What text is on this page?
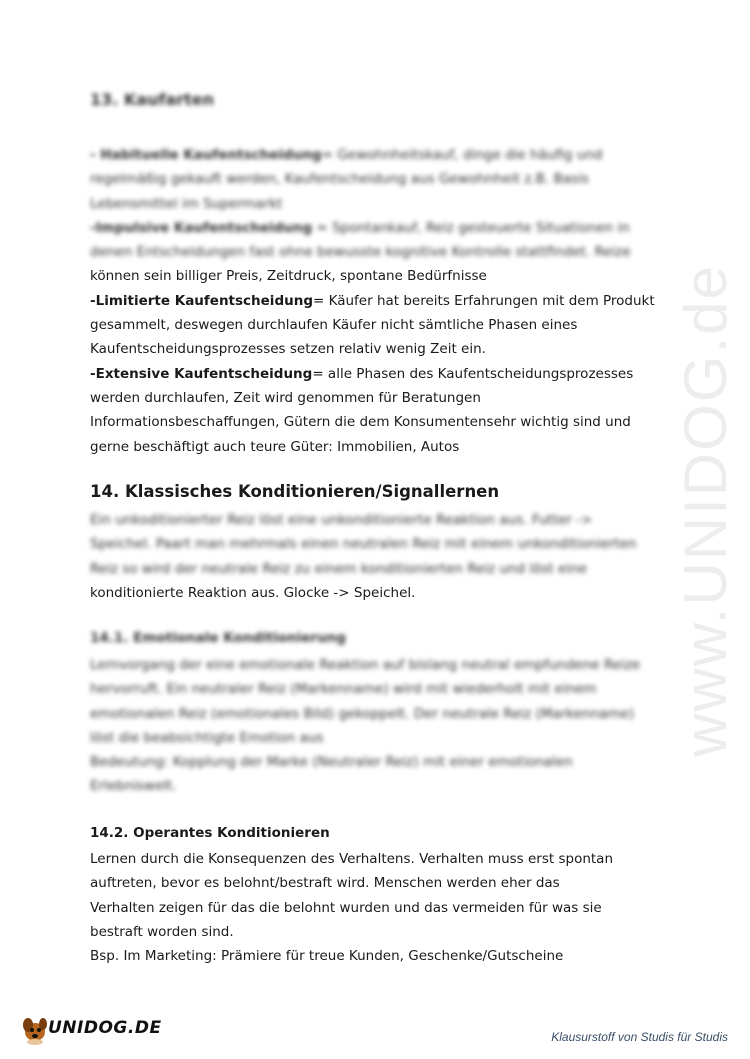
www.UNIDOG.de
13. Kaufarten
- Habituelle Kaufentscheidung= Gewohnheitskauf, dinge die häufig und
regelmäßig gekauft werden, Kaufentscheidung aus Gewohnheit z.B. Basis
Lebensmittel im Supermarkt
-Impulsive Kaufentscheidung = Spontankauf, Reiz gesteuerte Situationen in
denen Entscheidungen fast ohne bewusste kognitive Kontrolle stattfindet. Reize
können sein billiger Preis, Zeitdruck, spontane Bedürfnisse
-Limitierte Kaufentscheidung= Käufer hat bereits Erfahrungen mit dem Produkt
gesammelt, deswegen durchlaufen Käufer nicht sämtliche Phasen eines
Kaufentscheidungsprozesses setzen relativ wenig Zeit ein.
-Extensive Kaufentscheidung= alle Phasen des Kaufentscheidungsprozesses
werden durchlaufen, Zeit wird genommen für Beratungen
Informationsbeschaffungen, Gütern die dem Konsumentensehr wichtig sind und
gerne beschäftigt auch teure Güter: Immobilien, Autos
14. Klassisches Konditionieren/Signallernen
Ein unkoditionierter Reiz löst eine unkonditionierte Reaktion aus. Futter ->
Speichel. Paart man mehrmals einen neutralen Reiz mit einem unkonditionierten
Reiz so wird der neutrale Reiz zu einem konditionierten Reiz und löst eine
konditionierte Reaktion aus. Glocke -> Speichel.
14.1. Emotionale Konditionierung
Lernvorgang der eine emotionale Reaktion auf bislang neutral empfundene Reize
hervorruft. Ein neutraler Reiz (Markenname) wird mit wiederholt mit einem
emotionalen Reiz (emotionales Bild) gekoppelt. Der neutrale Reiz (Markenname)
löst die beabsichtigte Emotion aus
Bedeutung: Kopplung der Marke (Neutraler Reiz) mit einer emotionalen
Erlebniswelt.
14.2. Operantes Konditionieren
Lernen durch die Konsequenzen des Verhaltens. Verhalten muss erst spontan
auftreten, bevor es belohnt/bestraft wird. Menschen werden eher das
Verhalten zeigen für das die belohnt wurden und das vermeiden für was sie
bestraft worden sind.
Bsp. Im Marketing: Prämiere für treue Kunden, Geschenke/Gutscheine
UNIDOG.DE	Klausurstoff von Studis für Studis
